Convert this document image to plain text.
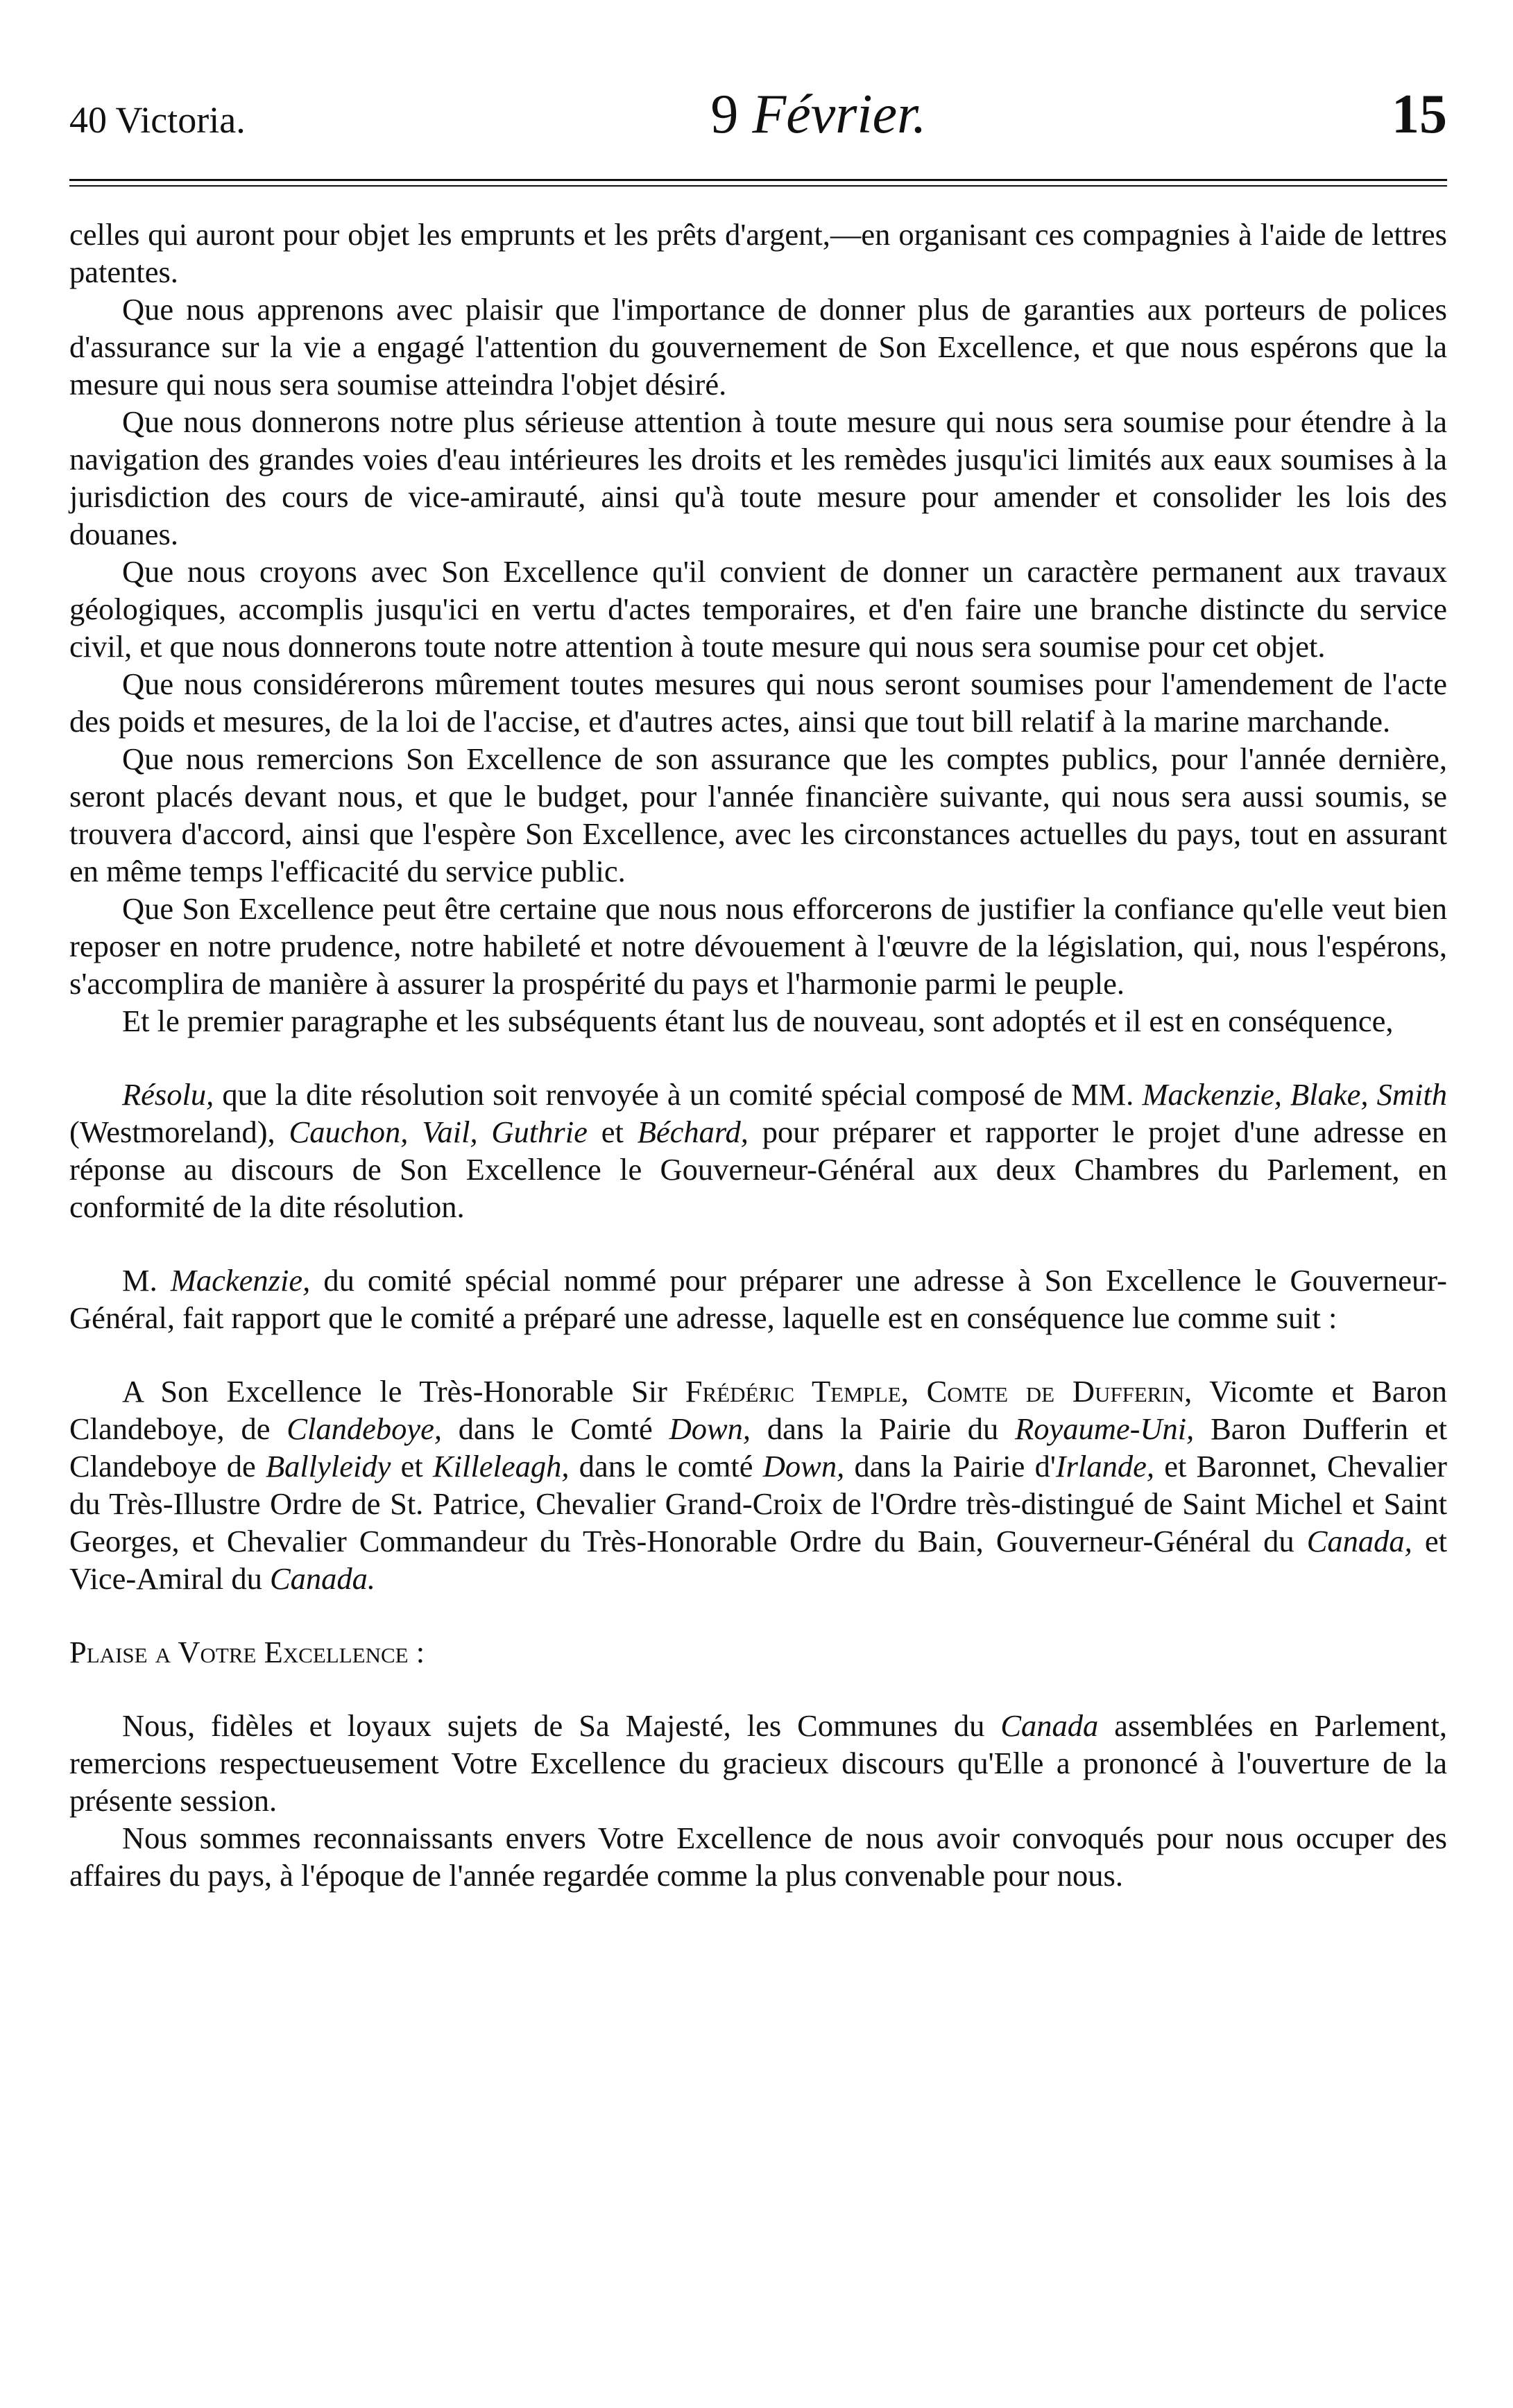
40 Victoria.	9 Février.	15

celles qui auront pour objet les emprunts et les prêts d'argent,—en organisant ces compagnies à l'aide de lettres patentes.

Que nous apprenons avec plaisir que l'importance de donner plus de garanties aux porteurs de polices d'assurance sur la vie a engagé l'attention du gouvernement de Son Excellence, et que nous espérons que la mesure qui nous sera soumise atteindra l'objet désiré.

Que nous donnerons notre plus sérieuse attention à toute mesure qui nous sera soumise pour étendre à la navigation des grandes voies d'eau intérieures les droits et les remèdes jusqu'ici limités aux eaux soumises à la jurisdiction des cours de vice-amirauté, ainsi qu'à toute mesure pour amender et consolider les lois des douanes.

Que nous croyons avec Son Excellence qu'il convient de donner un caractère permanent aux travaux géologiques, accomplis jusqu'ici en vertu d'actes temporaires, et d'en faire une branche distincte du service civil, et que nous donnerons toute notre attention à toute mesure qui nous sera soumise pour cet objet.

Que nous considérerons mûrement toutes mesures qui nous seront soumises pour l'amendement de l'acte des poids et mesures, de la loi de l'accise, et d'autres actes, ainsi que tout bill relatif à la marine marchande.

Que nous remercions Son Excellence de son assurance que les comptes publics, pour l'année dernière, seront placés devant nous, et que le budget, pour l'année financière suivante, qui nous sera aussi soumis, se trouvera d'accord, ainsi que l'espère Son Excellence, avec les circonstances actuelles du pays, tout en assurant en même temps l'efficacité du service public.

Que Son Excellence peut être certaine que nous nous efforcerons de justifier la confiance qu'elle veut bien reposer en notre prudence, notre habileté et notre dévouement à l'œuvre de la législation, qui, nous l'espérons, s'accomplira de manière à assurer la prospérité du pays et l'harmonie parmi le peuple.

Et le premier paragraphe et les subséquents étant lus de nouveau, sont adoptés et il est en conséquence,

Résolu, que la dite résolution soit renvoyée à un comité spécial composé de MM. Mackenzie, Blake, Smith (Westmoreland), Cauchon, Vail, Guthrie et Béchard, pour préparer et rapporter le projet d'une adresse en réponse au discours de Son Excellence le Gouverneur-Général aux deux Chambres du Parlement, en conformité de la dite résolution.

M. Mackenzie, du comité spécial nommé pour préparer une adresse à Son Excellence le Gouverneur-Général, fait rapport que le comité a préparé une adresse, laquelle est en conséquence lue comme suit :

A Son Excellence le Très-Honorable Sir Frédéric Temple, Comte de Dufferin, Vicomte et Baron Clandeboye, de Clandeboye, dans le Comté Down, dans la Pairie du Royaume-Uni, Baron Dufferin et Clandeboye de Ballyleidy et Killeleagh, dans le comté Down, dans la Pairie d'Irlande, et Baronnet, Chevalier du Très-Illustre Ordre de St. Patrice, Chevalier Grand-Croix de l'Ordre très-distingué de Saint Michel et Saint Georges, et Chevalier Commandeur du Très-Honorable Ordre du Bain, Gouverneur-Général du Canada, et Vice-Amiral du Canada.

Plaise a Votre Excellence :

Nous, fidèles et loyaux sujets de Sa Majesté, les Communes du Canada assemblées en Parlement, remercions respectueusement Votre Excellence du gracieux discours qu'Elle a prononcé à l'ouverture de la présente session.

Nous sommes reconnaissants envers Votre Excellence de nous avoir convoqués pour nous occuper des affaires du pays, à l'époque de l'année regardée comme la plus convenable pour nous.
